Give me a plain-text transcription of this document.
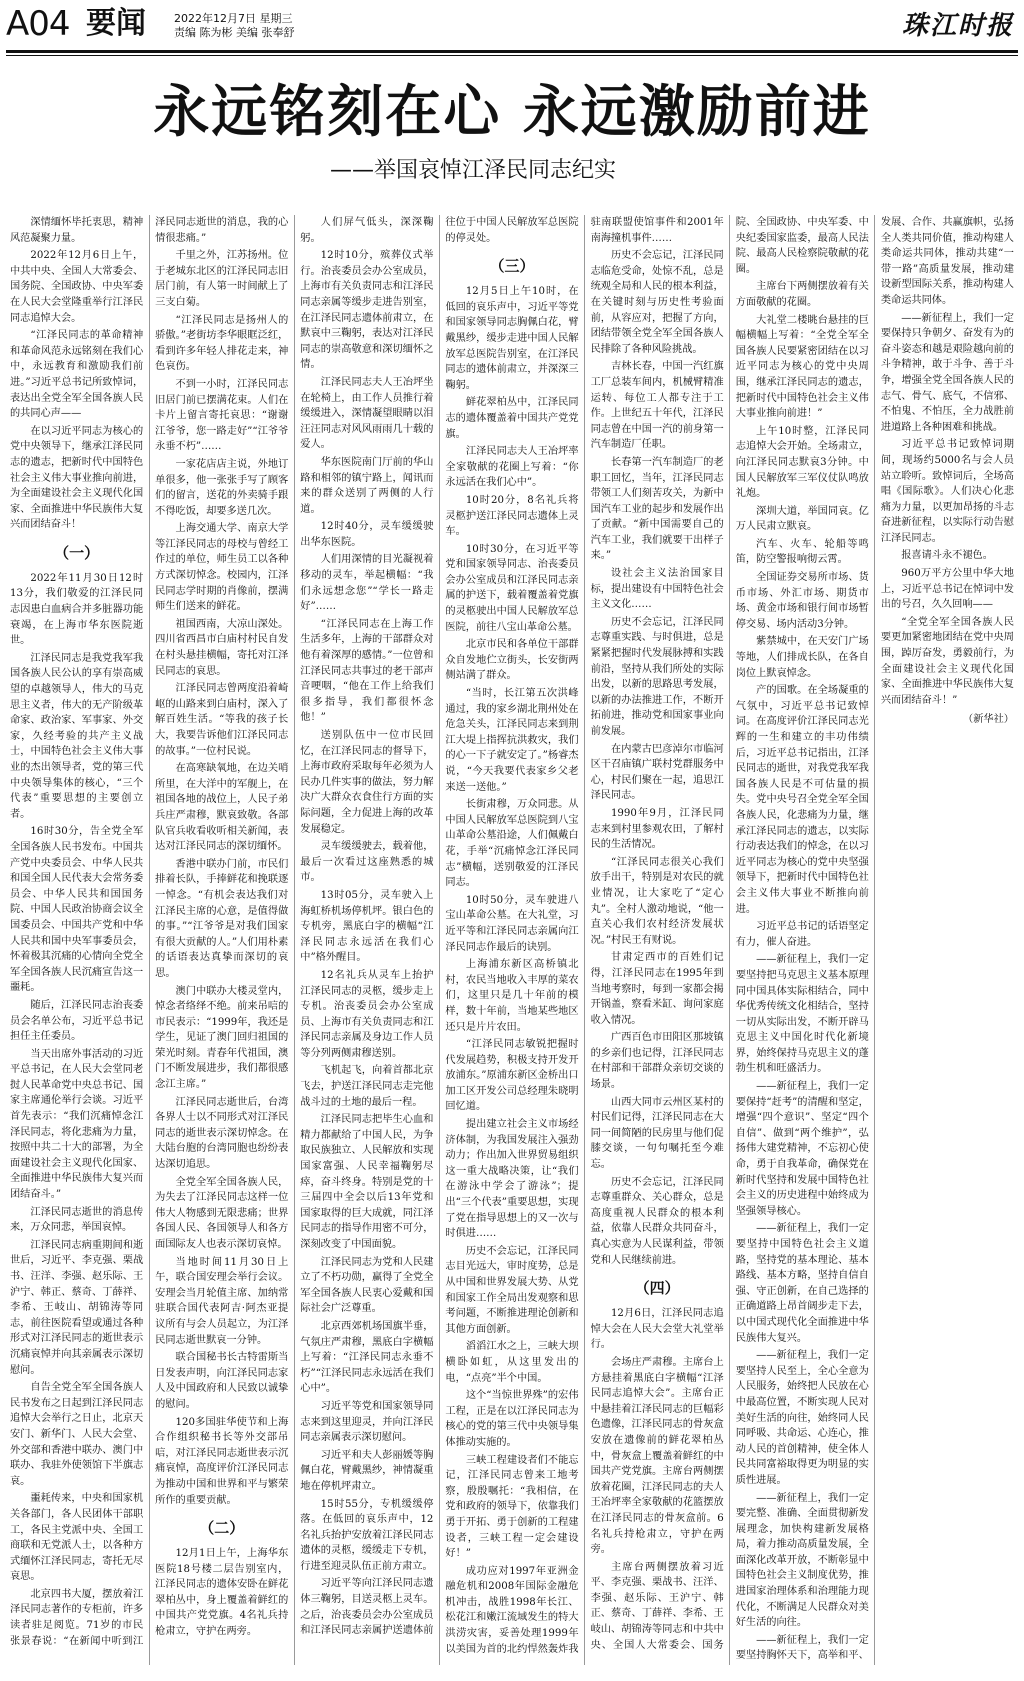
A04 要闻	2022年12月7日 星期三
责编 陈为彬 美编 张奉舒	珠江时报
永远铭刻在心 永远激励前进
——举国哀悼江泽民同志纪实

深情缅怀毕托衷思，精神风范凝聚力量。

2022年12月6日上午，中共中央、全国人大常委会、国务院、全国政协、中央军委在人民大会堂隆重举行江泽民同志追悼大会。

“江泽民同志的革命精神和革命风范永远铭刻在我们心中，永远教育和激励我们前进。”习近平总书记所致悼词，表达出全党全军全国各族人民的共同心声——

在以习近平同志为核心的党中央领导下，继承江泽民同志的遗志，把新时代中国特色社会主义伟大事业推向前进，为全面建设社会主义现代化国家、全面推进中华民族伟大复兴而团结奋斗！

（一）

2022年11月30日12时13分，我们敬爱的江泽民同志因患白血病合并多脏器功能衰竭，在上海市华东医院逝世。

江泽民同志是我党我军我国各族人民公认的享有崇高威望的卓越领导人，伟大的马克思主义者，伟大的无产阶级革命家、政治家、军事家、外交家，久经考验的共产主义战士，中国特色社会主义伟大事业的杰出领导者，党的第三代中央领导集体的核心，“三个代表”重要思想的主要创立者。

16时30分，告全党全军全国各族人民书发布。中国共产党中央委员会、中华人民共和国全国人民代表大会常务委员会、中华人民共和国国务院、中国人民政治协商会议全国委员会、中国共产党和中华人民共和国中央军事委员会，怀着极其沉痛的心情向全党全军全国各族人民沉痛宣告这一噩耗。

随后，江泽民同志治丧委员会名单公布，习近平总书记担任主任委员。

当天出席外事活动的习近平总书记，在人民大会堂同老挝人民革命党中央总书记、国家主席通伦举行会谈。习近平首先表示：“我们沉痛悼念江泽民同志，将化悲痛为力量，按照中共二十大的部署，为全面建设社会主义现代化国家、全面推进中华民族伟大复兴而团结奋斗。”

江泽民同志逝世的消息传来，万众同悲，举国哀悼。

江泽民同志病重期间和逝世后，习近平、李克强、栗战书、汪洋、李强、赵乐际、王沪宁、韩正、蔡奇、丁薛祥、李希、王岐山、胡锦涛等同志，前往医院看望或通过各种形式对江泽民同志的逝世表示沉痛哀悼并向其亲属表示深切慰问。

自告全党全军全国各族人民书发布之日起到江泽民同志追悼大会举行之日止，北京天安门、新华门、人民大会堂、外交部和香港中联办、澳门中联办、我驻外使领馆下半旗志哀。

噩耗传来，中央和国家机关各部门，各人民团体干部职工，各民主党派中央、全国工商联和无党派人士，以各种方式缅怀江泽民同志，寄托无尽哀思。

北京四书大厦，摆放着江泽民同志著作的专柜前，许多读者驻足阅览。71岁的市民张景春说：“在新闻中听到江泽民同志逝世的消息，我的心情很悲痛。”

千里之外，江苏扬州。位于老城东北区的江泽民同志旧居门前，有人第一时间献上了三支白菊。

“江泽民同志是扬州人的骄傲。”老街坊李华眼眶泛红，看到许多年轻人排花走来，神色哀伤。

不到一小时，江泽民同志旧居门前已摆满花束。人们在卡片上留言寄托哀思：“谢谢江爷爷，您一路走好”“江爷爷永垂不朽”……

一家花店店主说，外地订单很多，他一张张手写了顾客们的留言，送花的外卖骑手跟不得吃饭，却要多送几次。

上海交通大学、南京大学等江泽民同志的母校与曾经工作过的单位，师生员工以各种方式深切悼念。校园内，江泽民同志学时期的肖像前，摆满师生们送来的鲜花。

祖国西南，大凉山深处。四川省西昌市白庙村村民自发在村头悬挂横幅，寄托对江泽民同志的哀思。

江泽民同志曾两度沿着崎岖的山路来到白庙村，深入了解百姓生活。“等我的孩子长大，我要告诉他们江泽民同志的故事。”一位村民说。

在高寒缺氧地，在边关哨所里，在大洋中的军舰上，在祖国各地的战位上，人民子弟兵庄严肃穆，默哀致敬。各部队官兵收看收听相关新闻，表达对江泽民同志的深切缅怀。

香港中联办门前，市民们排着长队，手捧鲜花和挽联逐一悼念。“有机会表达我们对江泽民主席的心意，是值得做的事。”“江爷爷是对我们国家有很大贡献的人。”人们用朴素的话语表达真挚而深切的哀思。

澳门中联办大楼灵堂内，悼念者络绎不绝。前来吊唁的市民表示：“1999年，我还是学生，见证了澳门回归祖国的荣光时刻。青春年代祖国，澳门不断发展进步，我们都很感念江主席。”

江泽民同志逝世后，台湾各界人士以不同形式对江泽民同志的逝世表示深切悼念。在大陆台胞的台湾同胞也纷纷表达深切追思。

全党全军全国各族人民，为失去了江泽民同志这样一位伟大人物感到无限悲痛；世界各国人民、各国领导人和各方面国际友人也表示深切哀悼。

当地时间11月30日上午，联合国安理会举行会议。安理会当月轮值主席、加纳常驻联合国代表阿吉·阿杰亚提议所有与会人员起立，为江泽民同志逝世默哀一分钟。

联合国秘书长古特雷斯当日发表声明，向江泽民同志家人及中国政府和人民致以诚挚的慰问。

120多国驻华使节和上海合作组织秘书长等外交部吊唁，对江泽民同志逝世表示沉痛哀悼，高度评价江泽民同志为推动中国和世界和平与繁荣所作的重要贡献。

（二）

12月1日上午，上海华东医院18号楼二层告别室内，江泽民同志的遗体安卧在鲜花翠柏丛中，身上覆盖着鲜红的中国共产党党旗。4名礼兵持枪肃立，守护在两旁。

人们屏气低头，深深鞠躬。

12时10分，殡葬仪式举行。治丧委员会办公室成员，上海市有关负责同志和江泽民同志亲属等缓步走进告别室，在江泽民同志遗体前肃立，在默哀中三鞠躬，表达对江泽民同志的崇高敬意和深切缅怀之情。

江泽民同志夫人王冶坪坐在轮椅上，由工作人员推行着缓缓进入，深情凝望眼睛以泪汪汪同志对风风雨雨几十载的爱人。

华东医院南门厅前的华山路和相邻的镇宁路上，闻讯而来的群众送别了两侧的人行道。

12时40分，灵车缓缓驶出华东医院。

人们用深情的目光凝视着移动的灵车，举起横幅：“我们永远想念您”“学长一路走好”……

“江泽民同志在上海工作生活多年，上海的干部群众对他有着深厚的感情。”一位曾和江泽民同志共事过的老干部声音哽咽，“他在工作上给我们很多指导，我们都很怀念他！”

送别队伍中一位市民回忆，在江泽民同志的督导下，上海市政府采取每年必须为人民办几件实事的做法，努力解决广大群众衣食住行方面的实际问题，全力促进上海的改革发展稳定。

灵车缓缓驶去，载着他，最后一次看过这座熟悉的城市。

13时05分，灵车驶入上海虹桥机场停机坪。银白色的专机旁，黑底白字的横幅“江泽民同志永远活在我们心中”格外醒目。

12名礼兵从灵车上抬护江泽民同志的灵柩，缓步走上专机。治丧委员会办公室成员、上海市有关负责同志和江泽民同志亲属及身边工作人员等分列两侧肃穆送别。

飞机起飞，向着首都北京飞去，护送江泽民同志走完他战斗过的土地的最后一程。

江泽民同志把毕生心血和精力都献给了中国人民，为争取民族独立、人民解放和实现国家富强、人民幸福鞠躬尽瘁，奋斗终身。特别是党的十三届四中全会以后13年党和国家取得的巨大成就，同江泽民同志的指导作用密不可分，深刻改变了中国面貌。

江泽民同志为党和人民建立了不朽功勋，赢得了全党全军全国各族人民衷心爱戴和国际社会广泛尊重。

北京西郊机场国旗半垂，气氛庄严肃穆，黑底白字横幅上写着：“江泽民同志永垂不朽”“江泽民同志永远活在我们心中”。

习近平等党和国家领导同志来到这里迎灵，并向江泽民同志亲属表示深切慰问。

习近平和夫人彭丽媛等胸佩白花，臂戴黑纱，神情凝重地在停机坪肃立。

15时55分，专机缓缓停落。在低回的哀乐声中，12名礼兵抬护安放着江泽民同志遗体的灵柩，缓缓走下专机，行进至迎灵队伍正前方肃立。

习近平等向江泽民同志遗体三鞠躬，目送灵柩上灵车。之后，治丧委员会办公室成员和江泽民同志亲属护送遗体前往位于中国人民解放军总医院的停灵处。

（三）

12月5日上午10时，在低回的哀乐声中，习近平等党和国家领导同志胸佩白花，臂戴黑纱，缓步走进中国人民解放军总医院告别室，在江泽民同志的遗体前肃立，并深深三鞠躬。

鲜花翠柏丛中，江泽民同志的遗体覆盖着中国共产党党旗。

江泽民同志夫人王冶坪率全家敬献的花圈上写着：“你永远活在我们心中”。

10时20分，8名礼兵将灵柩护送江泽民同志遗体上灵车。

10时30分，在习近平等党和国家领导同志、治丧委员会办公室成员和江泽民同志亲属的护送下，载着覆盖着党旗的灵柩驶出中国人民解放军总医院，前往八宝山革命公墓。

北京市民和各单位干部群众自发地伫立街头，长安街两侧站满了群众。

“当时，长江第五次洪峰通过，我的家乡湖北荆州处在危急关头，江泽民同志来到荆江大堤上指挥抗洪救灾，我们的心一下子就安定了。”杨睿杰说，“今天我要代表家乡父老来送一送他。”

长街肃穆，万众同悲。从中国人民解放军总医院到八宝山革命公墓沿途，人们佩戴白花，手举“沉痛悼念江泽民同志”横幅，送别敬爱的江泽民同志。

10时50分，灵车驶进八宝山革命公墓。在大礼堂，习近平等和江泽民同志亲属向江泽民同志作最后的诀别。

上海浦东新区高桥镇北村，农民当地收入丰厚的菜农们，这里只是几十年前的模样，数十年前，当地某些地区还只是片片农田。

“江泽民同志敏锐把握时代发展趋势，积极支持开发开放浦东。”原浦东新区金桥出口加工区开发公司总经理朱晓明回忆道。

提出建立社会主义市场经济体制，为我国发展注入强劲动力；作出加入世界贸易组织这一重大战略决策，让“我们在游泳中学会了游泳”；提出“三个代表”重要思想，实现了党在指导思想上的又一次与时俱进……

历史不会忘记，江泽民同志目光远大，审时度势，总是从中国和世界发展大势、从党和国家工作全局出发观察和思考问题，不断推进理论创新和其他方面创新。

滔滔江水之上，三峡大坝横卧如虹，从这里发出的电，“点亮”半个中国。

这个“当惊世界殊”的宏伟工程，正是在以江泽民同志为核心的党的第三代中央领导集体推动实施的。

三峡工程建设者们不能忘记，江泽民同志曾来工地考察，殷殷嘱托：“我相信，在党和政府的领导下，依靠我们勇于开拓、勇于创新的工程建设者，三峡工程一定会建设好！”

成功应对1997年亚洲金融危机和2008年国际金融危机冲击，战胜1998年长江、松花江和嫩江流域发生的特大洪涝灾害，妥善处理1999年以美国为首的北约悍然轰炸我驻南联盟使馆事件和2001年南海撞机事件……

历史不会忘记，江泽民同志临危受命，处惊不乱，总是统观全局和人民的根本利益，在关键时刻与历史性考验面前，从容应对，把握了方向，团结带领全党全军全国各族人民排除了各种风险挑战。

吉林长春，中国一汽红旗工厂总装车间内，机械臂精准运转、每位工人都专注于工作。上世纪五十年代，江泽民同志曾在中国一汽的前身第一汽车制造厂任职。

长春第一汽车制造厂的老职工回忆，当年，江泽民同志带领工人们刻苦攻关，为新中国汽车工业的起步和发展作出了贡献。“新中国需要自己的汽车工业，我们就要干出样子来。”

设社会主义法治国家目标，提出建设有中国特色社会主义文化……

历史不会忘记，江泽民同志尊重实践、与时俱进，总是紧紧把握时代发展脉搏和实践前沿，坚持从我们所处的实际出发，以新的思路思考发展，以新的办法推进工作，不断开拓前进，推动党和国家事业向前发展。

在内蒙古巴彦淖尔市临河区干召庙镇广联村党群服务中心，村民们聚在一起，追思江泽民同志。

1990年9月，江泽民同志来到村里参观农田，了解村民的生活情况。

“江泽民同志很关心我们放手出干，特别是对农民的就业情况，让大家吃了“定心丸”。全村人激动地说，“他一直关心我们农村经济发展状况。”村民王有财说。

甘肃定西市的百姓们记得，江泽民同志在1995年到当地考察时，每到一家都会揭开锅盖，察看米缸、询问家庭收入情况。

广西百色市田阳区那坡镇的乡亲们也记得，江泽民同志在村部和干部群众亲切交谈的场景。

山西大同市云州区某村的村民们记得，江泽民同志在大同一间简陋的民房里与他们促膝交谈，一句句嘱托至今难忘。

历史不会忘记，江泽民同志尊重群众、关心群众，总是高度重视人民群众的根本利益，依靠人民群众共同奋斗，真心实意为人民谋利益，带领党和人民继续前进。

（四）

12月6日，江泽民同志追悼大会在人民大会堂大礼堂举行。

会场庄严肃穆。主席台上方悬挂着黑底白字横幅“江泽民同志追悼大会”。主席台正中悬挂着江泽民同志的巨幅彩色遗像，江泽民同志的骨灰盒安放在遗像前的鲜花翠柏丛中，骨灰盒上覆盖着鲜红的中国共产党党旗。主席台两侧摆放着花圈，江泽民同志的夫人王冶坪率全家敬献的花篮摆放在江泽民同志的骨灰盒前。6名礼兵持枪肃立，守护在两旁。

主席台两侧摆放着习近平、李克强、栗战书、汪洋、李强、赵乐际、王沪宁、韩正、蔡奇、丁薛祥、李希、王岐山、胡锦涛等同志和中共中央、全国人大常委会、国务院、全国政协、中央军委、中央纪委国家监委，最高人民法院、最高人民检察院敬献的花圈。

主席台下两侧摆放着有关方面敬献的花圈。

大礼堂二楼眺台悬挂的巨幅横幅上写着：“全党全军全国各族人民要紧密团结在以习近平同志为核心的党中央周围，继承江泽民同志的遗志，把新时代中国特色社会主义伟大事业推向前进！”

上午10时整，江泽民同志追悼大会开始。全场肃立，向江泽民同志默哀3分钟。中国人民解放军三军仪仗队鸣放礼炮。

深圳大道，举国同哀。亿万人民肃立默哀。

汽车、火车、轮船等鸣笛，防空警报响彻云霄。

全国证券交易所市场、货币市场、外汇市场、期货市场、黄金市场和银行间市场暂停交易、场内活动3分钟。

紫禁城中，在天安门广场等地，人们排成长队，在各自岗位上默哀悼念。

产的国歌。在全场凝重的气氛中，习近平总书记致悼词。在高度评价江泽民同志光辉的一生和建立的丰功伟绩后，习近平总书记指出，江泽民同志的逝世，对我党我军我国各族人民是不可估量的损失。党中央号召全党全军全国各族人民，化悲痛为力量，继承江泽民同志的遗志，以实际行动表达我们的悼念，在以习近平同志为核心的党中央坚强领导下，把新时代中国特色社会主义伟大事业不断推向前进。

习近平总书记的话语坚定有力，催人奋进。

——新征程上，我们一定要坚持把马克思主义基本原理同中国具体实际相结合，同中华优秀传统文化相结合，坚持一切从实际出发，不断开辟马克思主义中国化时代化新境界，始终保持马克思主义的蓬勃生机和旺盛活力。

——新征程上，我们一定要保持“赶考”的清醒和坚定，增强“四个意识”、坚定“四个自信”、做到“两个维护”，弘扬伟大建党精神，不忘初心使命，勇于自我革命，确保党在新时代坚持和发展中国特色社会主义的历史进程中始终成为坚强领导核心。

——新征程上，我们一定要坚持中国特色社会主义道路，坚持党的基本理论、基本路线、基本方略，坚持自信自强、守正创新，在自己选择的正确道路上昂首阔步走下去，以中国式现代化全面推进中华民族伟大复兴。

——新征程上，我们一定要坚持人民至上，全心全意为人民服务，始终把人民放在心中最高位置，不断实现人民对美好生活的向往，始终同人民同呼吸、共命运、心连心，推动人民的首创精神，使全体人民共同富裕取得更为明显的实质性进展。

——新征程上，我们一定要完整、准确、全面贯彻新发展理念，加快构建新发展格局，着力推动高质量发展，全面深化改革开放，不断彰显中国特色社会主义制度优势，推进国家治理体系和治理能力现代化，不断满足人民群众对美好生活的向往。

——新征程上，我们一定要坚持胸怀天下，高举和平、发展、合作、共赢旗帜，弘扬全人类共同价值，推动构建人类命运共同体，推动共建“一带一路”高质量发展，推动建设新型国际关系，推动构建人类命运共同体。

——新征程上，我们一定要保持只争朝夕、奋发有为的奋斗姿态和越是艰险越向前的斗争精神，敢于斗争、善于斗争，增强全党全国各族人民的志气、骨气、底气，不信邪、不怕鬼、不怕压，全力战胜前进道路上各种困难和挑战。

习近平总书记致悼词期间，现场约5000名与会人员站立聆听。致悼词后，全场高唱《国际歌》。人们决心化悲痛为力量，以更加昂扬的斗志奋进新征程，以实际行动告慰江泽民同志。

报喜请斗永不褪色。

960万平方公里中华大地上，习近平总书记在悼词中发出的号召，久久回响——

“全党全军全国各族人民要更加紧密地团结在党中央周围，踔厉奋发，勇毅前行，为全面建设社会主义现代化国家、全面推进中华民族伟大复兴而团结奋斗！”

（新华社）
